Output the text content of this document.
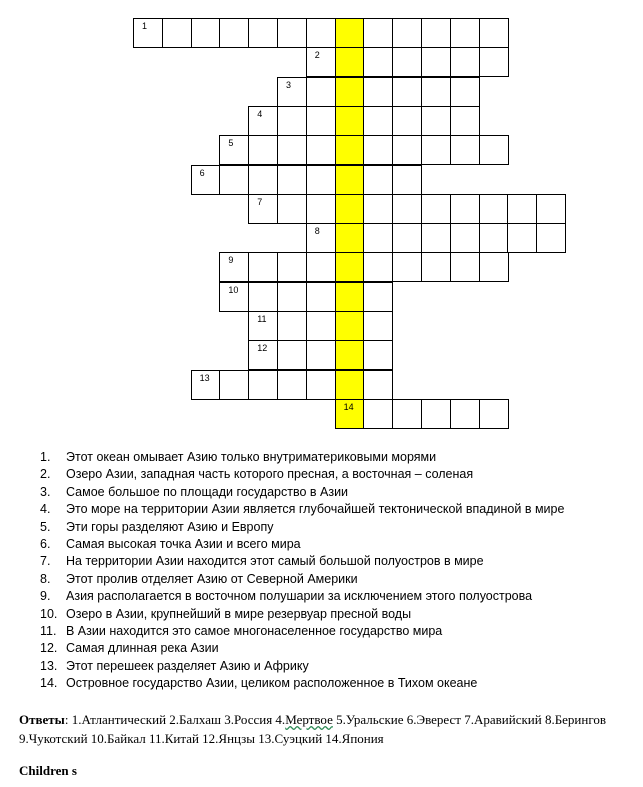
1
2
3
4
5
6
7
8
9
10
11
12
13
14
1. Этот океан омывает Азию только внутриматериковыми морями
2. Озеро Азии, западная часть которого пресная, а восточная – соленая
3. Самое большое по площади государство в Азии
4. Это море на территории Азии является глубочайшей тектонической впадиной в мире
5. Эти горы разделяют Азию и Европу
6. Самая высокая точка Азии и всего мира
7. На территории Азии находится этот самый большой полуостров в мире
8. Этот пролив отделяет Азию от Северной Америки
9. Азия располагается в восточном полушарии за исключением этого полуострова
10. Озеро в Азии, крупнейший в мире резервуар пресной воды
11. В Азии находится это самое многонаселенное государство мира
12. Самая длинная река Азии
13. Этот перешеек разделяет Азию и Африку
14. Островное государство Азии, целиком расположенное в Тихом океане
Ответы: 1.Атлантический 2.Балхаш 3.Россия 4.Мертвое 5.Уральские 6.Эверест 7.Аравийский 8.Берингов 9.Чукотский 10.Байкал 11.Китай 12.Янцзы 13.Суэцкий 14.Япония
Children s
